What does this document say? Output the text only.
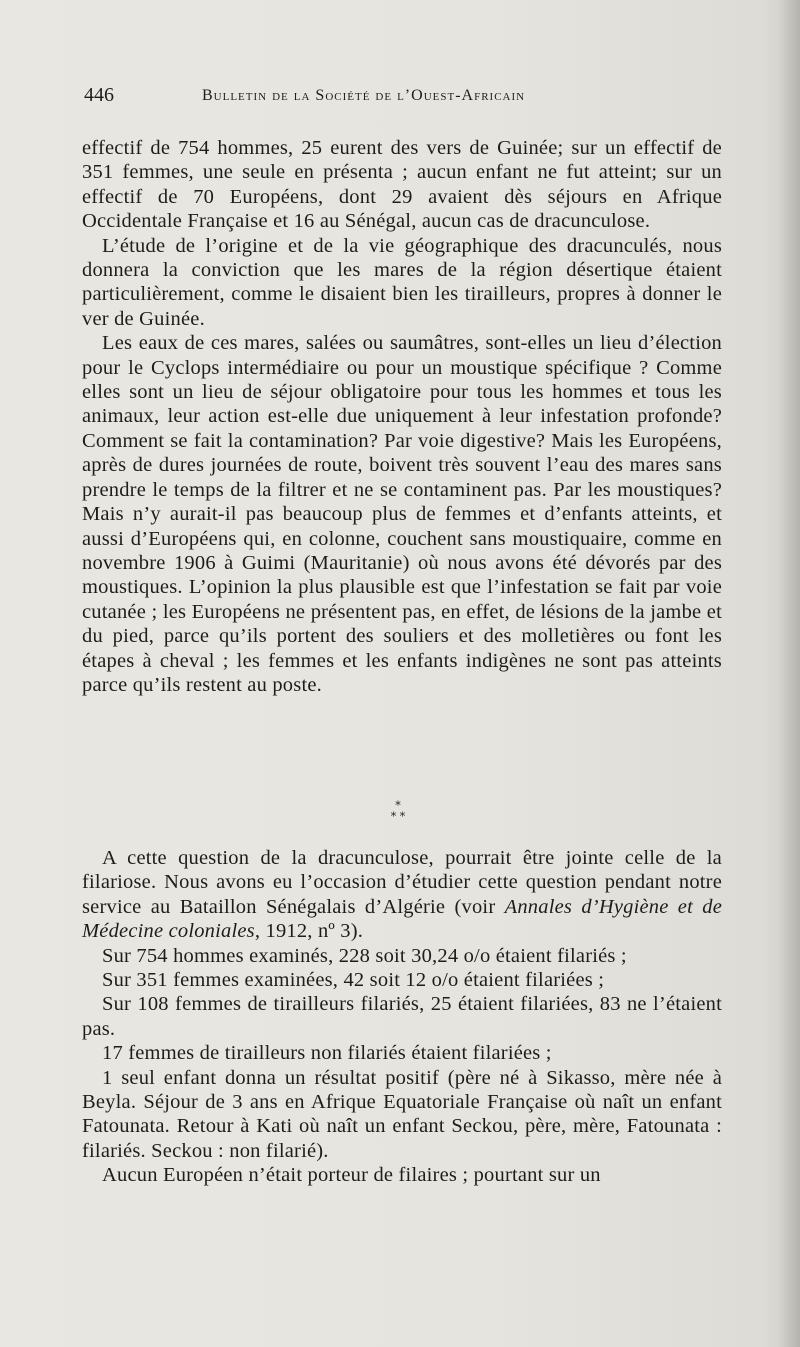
446	Bulletin de la Société de l’Ouest-Africain

effectif de 754 hommes, 25 eurent des vers de Guinée; sur un effectif de 351 femmes, une seule en présenta ; aucun enfant ne fut atteint; sur un effectif de 70 Européens, dont 29 avaient dès séjours en Afrique Occidentale Française et 16 au Sénégal, aucun cas de dracunculose.

L’étude de l’origine et de la vie géographique des dracunculés, nous donnera la conviction que les mares de la région désertique étaient particulièrement, comme le disaient bien les tirailleurs, propres à donner le ver de Guinée.

Les eaux de ces mares, salées ou saumâtres, sont-elles un lieu d’élection pour le Cyclops intermédiaire ou pour un moustique spécifique ? Comme elles sont un lieu de séjour obligatoire pour tous les hommes et tous les animaux, leur action est-elle due uniquement à leur infestation profonde? Comment se fait la contamination? Par voie digestive? Mais les Européens, après de dures journées de route, boivent très souvent l’eau des mares sans prendre le temps de la filtrer et ne se contaminent pas. Par les moustiques? Mais n’y aurait-il pas beaucoup plus de femmes et d’enfants atteints, et aussi d’Européens qui, en colonne, couchent sans moustiquaire, comme en novembre 1906 à Guimi (Mauritanie) où nous avons été dévorés par des moustiques. L’opinion la plus plausible est que l’infestation se fait par voie cutanée ; les Européens ne présentent pas, en effet, de lésions de la jambe et du pied, parce qu’ils portent des souliers et des molletières ou font les étapes à cheval ; les femmes et les enfants indigènes ne sont pas atteints parce qu’ils restent au poste.

*
* *

A cette question de la dracunculose, pourrait être jointe celle de la filariose. Nous avons eu l’occasion d’étudier cette question pendant notre service au Bataillon Sénégalais d’Algérie (voir Annales d’Hygiène et de Médecine coloniales, 1912, nº 3).

Sur 754 hommes examinés, 228 soit 30,24 o/o étaient filariés ;

Sur 351 femmes examinées, 42 soit 12 o/o étaient filariées ;

Sur 108 femmes de tirailleurs filariés, 25 étaient filariées, 83 ne l’étaient pas.

17 femmes de tirailleurs non filariés étaient filariées ;

1 seul enfant donna un résultat positif (père né à Sikasso, mère née à Beyla. Séjour de 3 ans en Afrique Equatoriale Française où naît un enfant Fatounata. Retour à Kati où naît un enfant Seckou, père, mère, Fatounata : filariés. Seckou : non filarié).

Aucun Européen n’était porteur de filaires ; pourtant sur un
